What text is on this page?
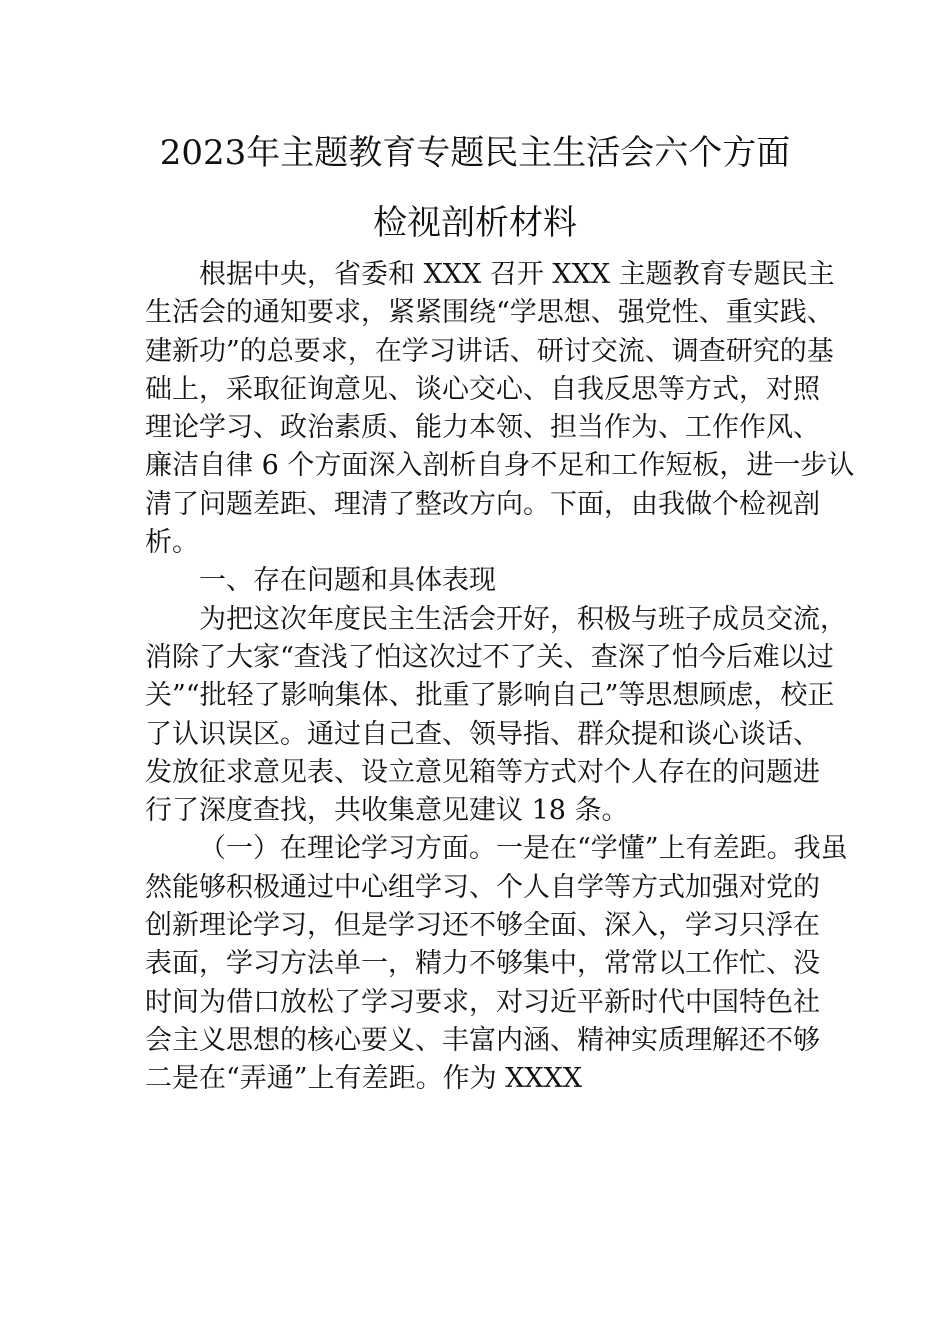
2023年主题教育专题民主生活会六个方面
检视剖析材料

根据中央，省委和 XXX 召开 XXX 主题教育专题民主
生活会的通知要求，紧紧围绕“学思想、强党性、重实践、
建新功”的总要求，在学习讲话、研讨交流、调查研究的基
础上，采取征询意见、谈心交心、自我反思等方式，对照
理论学习、政治素质、能力本领、担当作为、工作作风、
廉洁自律 6 个方面深入剖析自身不足和工作短板，进一步认
清了问题差距、理清了整改方向。下面，由我做个检视剖
析。

一、存在问题和具体表现

为把这次年度民主生活会开好，积极与班子成员交流，
消除了大家“查浅了怕这次过不了关、查深了怕今后难以过
关”“批轻了影响集体、批重了影响自己”等思想顾虑，校正
了认识误区。通过自己查、领导指、群众提和谈心谈话、
发放征求意见表、设立意见箱等方式对个人存在的问题进
行了深度查找，共收集意见建议 18 条。

（一）在理论学习方面。一是在“学懂”上有差距。我虽
然能够积极通过中心组学习、个人自学等方式加强对党的
创新理论学习，但是学习还不够全面、深入，学习只浮在
表面，学习方法单一，精力不够集中，常常以工作忙、没
时间为借口放松了学习要求，对习近平新时代中国特色社
会主义思想的核心要义、丰富内涵、精神实质理解还不够
二是在“弄通”上有差距。作为 XXXX
